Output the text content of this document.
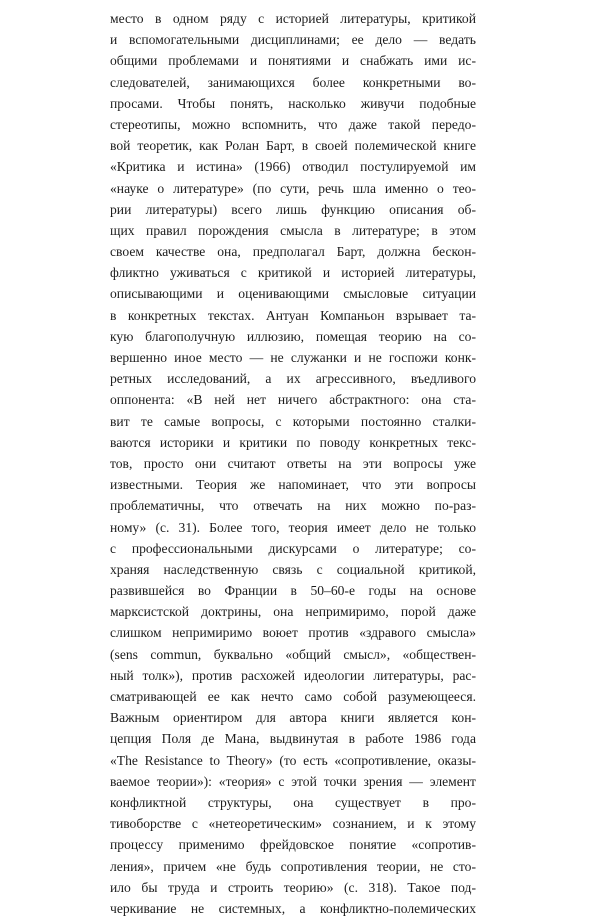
место в одном ряду с историей литературы, критикой
и вспомогательными дисциплинами; ее дело — ведать
общими проблемами и понятиями и снабжать ими ис-
следователей, занимающихся более конкретными во-
просами. Чтобы понять, насколько живучи подобные
стереотипы, можно вспомнить, что даже такой передо-
вой теоретик, как Ролан Барт, в своей полемической книге
«Критика и истина» (1966) отводил постулируемой им
«науке о литературе» (по сути, речь шла именно о тео-
рии литературы) всего лишь функцию описания об-
щих правил порождения смысла в литературе; в этом
своем качестве она, предполагал Барт, должна бескон-
фликтно уживаться с критикой и историей литературы,
описывающими и оценивающими смысловые ситуации
в конкретных текстах. Антуан Компаньон взрывает та-
кую благополучную иллюзию, помещая теорию на со-
вершенно иное место — не служанки и не госпожи конк-
ретных исследований, а их агрессивного, въедливого
оппонента: «В ней нет ничего абстрактного: она ста-
вит те самые вопросы, с которыми постоянно сталки-
ваются историки и критики по поводу конкретных текс-
тов, просто они считают ответы на эти вопросы уже
известными. Теория же напоминает, что эти вопросы
проблематичны, что отвечать на них можно по-раз-
ному» (с. 31). Более того, теория имеет дело не только
с профессиональными дискурсами о литературе; со-
храняя наследственную связь с социальной критикой,
развившейся во Франции в 50–60-е годы на основе
марксистской доктрины, она непримиримо, порой даже
слишком непримиримо воюет против «здравого смысла»
(sens commun, буквально «общий смысл», «обществен-
ный толк»), против расхожей идеологии литературы, рас-
сматривающей ее как нечто само собой разумеющееся.
Важным ориентиром для автора книги является кон-
цепция Поля де Мана, выдвинутая в работе 1986 года
«The Resistance to Theory» (то есть «сопротивление, оказы-
ваемое теории»): «теория» с этой точки зрения — элемент
конфликтной структуры, она существует в про-
тивоборстве с «нетеоретическим» сознанием, и к этому
процессу применимо фрейдовское понятие «сопротив-
ления», причем «не будь сопротивления теории, не сто-
ило бы труда и строить теорию» (с. 318). Такое под-
черкивание не системных, а конфликтно-полемических
